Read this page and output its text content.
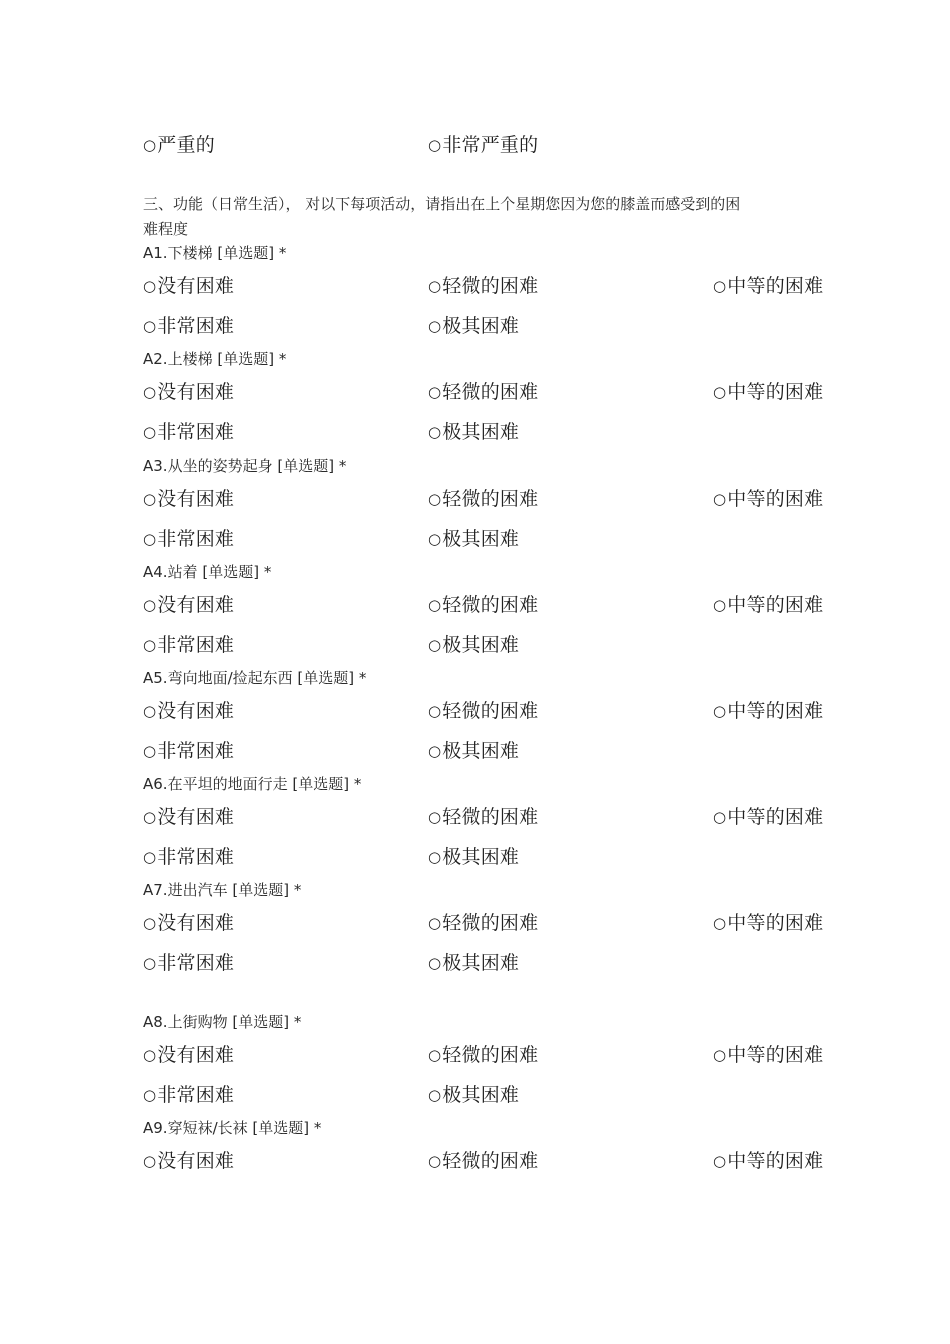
○严重的	○非常严重的
三、功能（日常生活）， 对以下每项活动，请指出在上个星期您因为您的膝盖而感受到的困
难程度
A1.下楼梯 [单选题] *
○没有困难	○轻微的困难	○中等的困难
○非常困难	○极其困难
A2.上楼梯 [单选题] *
○没有困难	○轻微的困难	○中等的困难
○非常困难	○极其困难
A3.从坐的姿势起身 [单选题] *
○没有困难	○轻微的困难	○中等的困难
○非常困难	○极其困难
A4.站着 [单选题] *
○没有困难	○轻微的困难	○中等的困难
○非常困难	○极其困难
A5.弯向地面/捡起东西 [单选题] *
○没有困难	○轻微的困难	○中等的困难
○非常困难	○极其困难
A6.在平坦的地面行走 [单选题] *
○没有困难	○轻微的困难	○中等的困难
○非常困难	○极其困难
A7.进出汽车 [单选题] *
○没有困难	○轻微的困难	○中等的困难
○非常困难	○极其困难
A8.上街购物 [单选题] *
○没有困难	○轻微的困难	○中等的困难
○非常困难	○极其困难
A9.穿短袜/长袜 [单选题] *
○没有困难	○轻微的困难	○中等的困难
